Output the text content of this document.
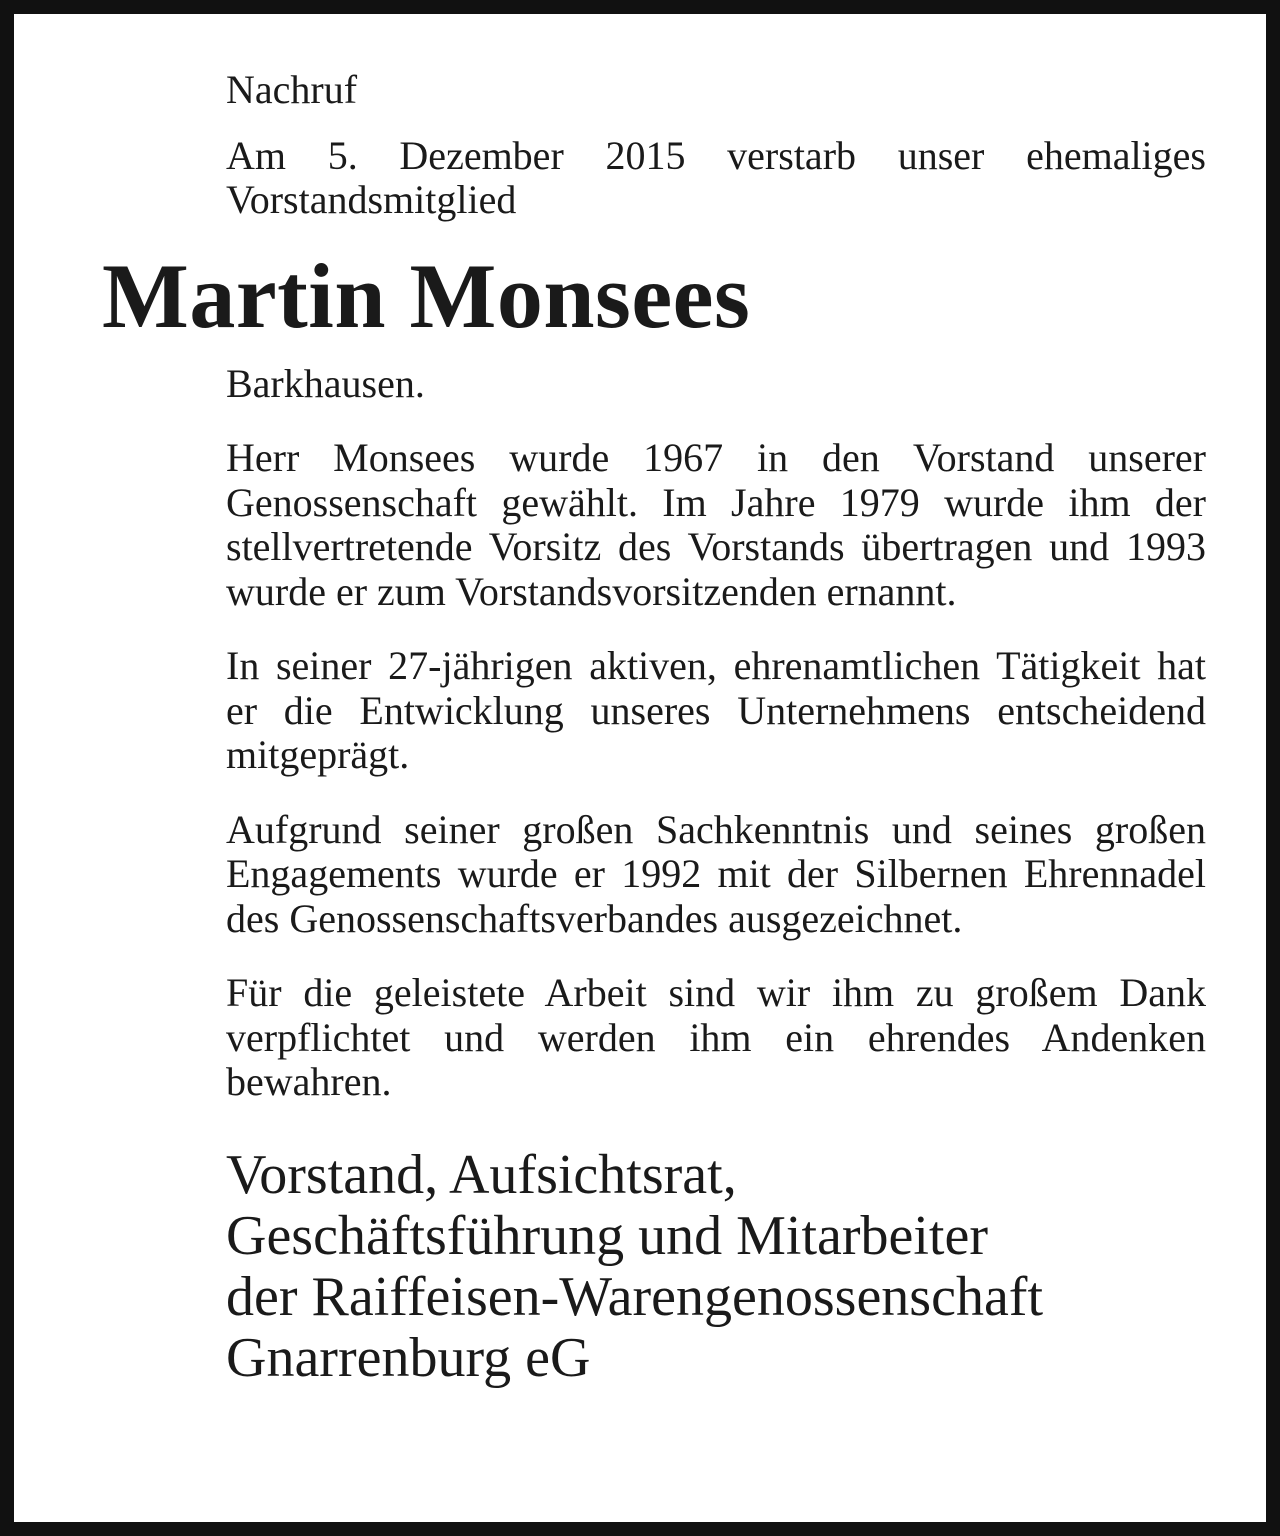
Nachruf

Am 5. Dezember 2015 verstarb unser ehemaliges Vorstandsmitglied

Martin Monsees

Barkhausen.

Herr Monsees wurde 1967 in den Vorstand unserer Genossenschaft gewählt. Im Jahre 1979 wurde ihm der stellvertretende Vorsitz des Vorstands übertragen und 1993 wurde er zum Vorstandsvorsitzenden ernannt.

In seiner 27-jährigen aktiven, ehrenamtlichen Tätigkeit hat er die Entwicklung unseres Unternehmens entscheidend mitgeprägt.

Aufgrund seiner großen Sachkenntnis und seines großen Engagements wurde er 1992 mit der Silbernen Ehrennadel des Genossenschaftsverbandes ausgezeichnet.

Für die geleistete Arbeit sind wir ihm zu großem Dank verpflichtet und werden ihm ein ehrendes Andenken bewahren.

Vorstand, Aufsichtsrat,
Geschäftsführung und Mitarbeiter
der Raiffeisen-Warengenossenschaft
Gnarrenburg eG
